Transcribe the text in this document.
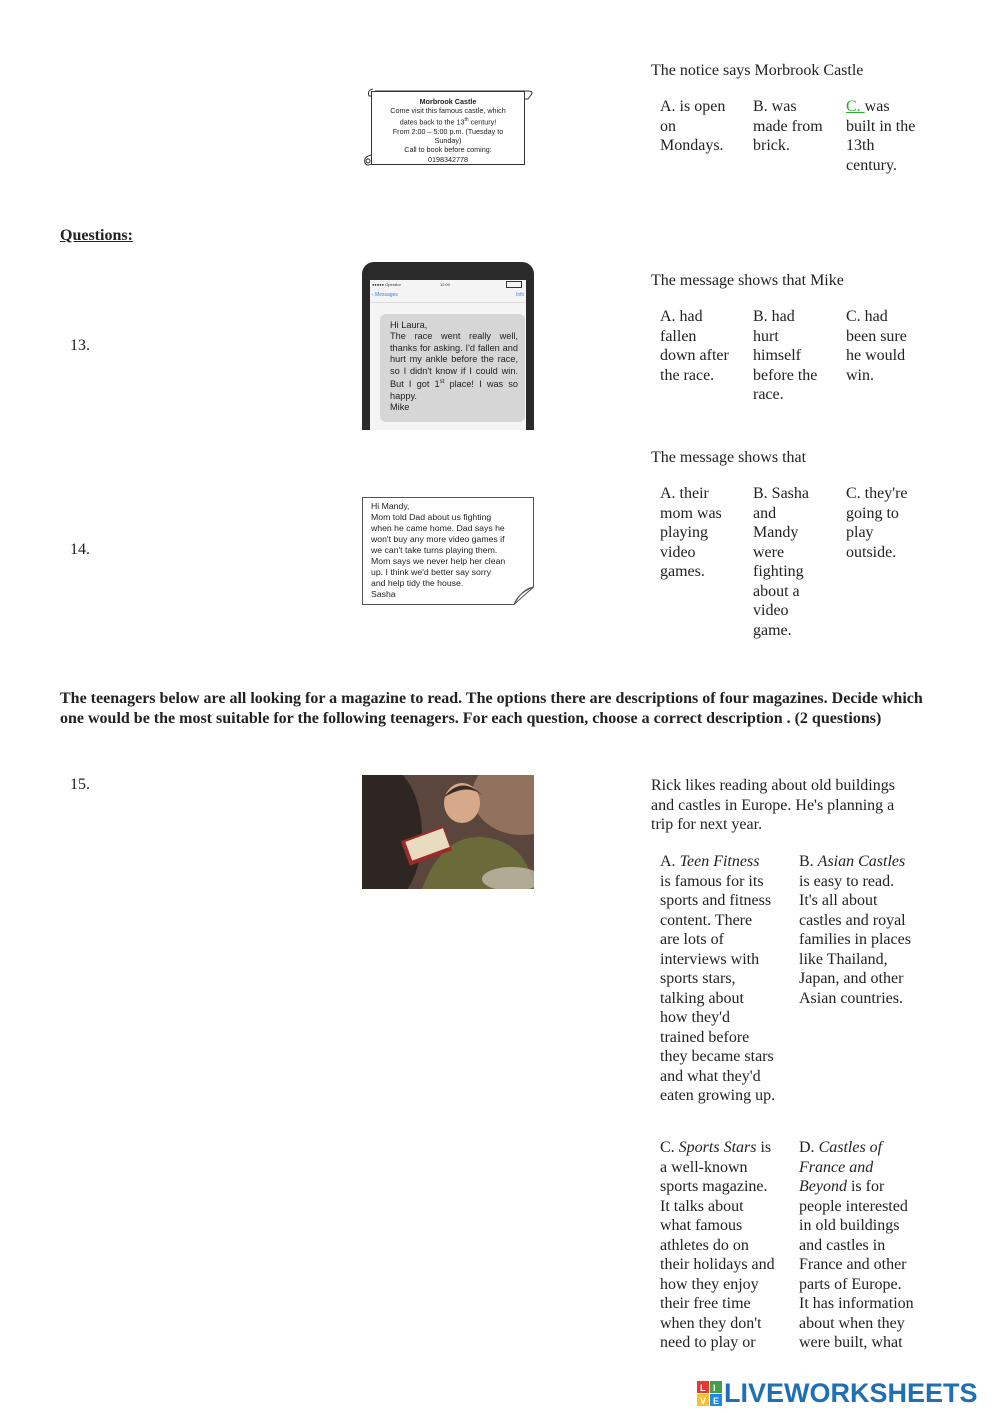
Morbrook Castle
Come visit this famous castle, which
dates back to the 13th century!
From 2:00 – 5:00 p.m. (Tuesday to
Sunday)
Call to book before coming:
0198342778
The notice says Morbrook Castle
A. is open
on
Mondays.
B. was
made from
brick.
C. was
built in the
13th
century.
Questions:
13.
●●●●● Operator	12:00
‹ Messages	Info
Hi Laura,
The race went really well, thanks for asking. I'd fallen and hurt my ankle before the race, so I didn't know if I could win. But I got 1st place! I was so happy.
Mike
The message shows that Mike
A. had
fallen
down after
the race.
B. had
hurt
himself
before the
race.
C. had
been sure
he would
win.
14.
Hi Mandy,
Mom told Dad about us fighting
when he came home. Dad says he
won't buy any more video games if
we can't take turns playing them.
Mom says we never help her clean
up. I think we'd better say sorry
and help tidy the house.
Sasha
The message shows that
A. their
mom was
playing
video
games.
B. Sasha
and
Mandy
were
fighting
about a
video
game.
C. they're
going to
play
outside.
The teenagers below are all looking for a magazine to read. The options there are descriptions of four magazines. Decide which one would be the most suitable for the following teenagers. For each question, choose a correct description . (2 questions)
15.	Rick likes reading about old buildings
and castles in Europe. He's planning a
trip for next year.
A. Teen Fitness
is famous for its
sports and fitness
content. There
are lots of
interviews with
sports stars,
talking about
how they'd
trained before
they became stars
and what they'd
eaten growing up.
B. Asian Castles
is easy to read.
It's all about
castles and royal
families in places
like Thailand,
Japan, and other
Asian countries.
C. Sports Stars is
a well-known
sports magazine.
It talks about
what famous
athletes do on
their holidays and
how they enjoy
their free time
when they don't
need to play or
D. Castles of
France and
Beyond is for
people interested
in old buildings
and castles in
France and other
parts of Europe.
It has information
about when they
were built, what
L I
V E LIVEWORKSHEETS
